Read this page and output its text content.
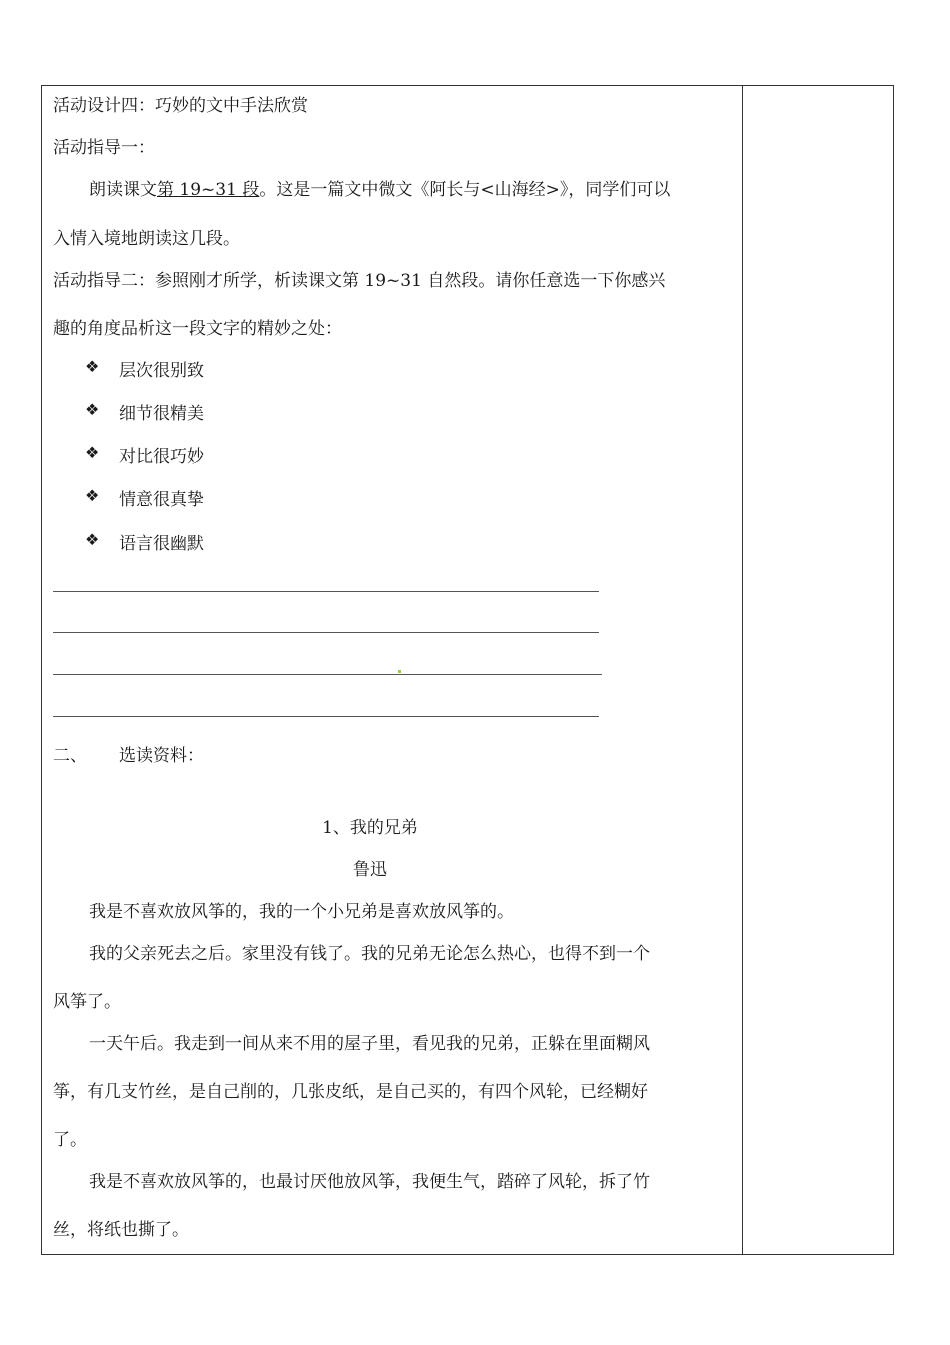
活动设计四：巧妙的文中手法欣赏
活动指导一：
朗读课文第 19~31 段。这是一篇文中微文《阿长与<山海经>》，同学们可以
入情入境地朗读这几段。
活动指导二：参照刚才所学，析读课文第 19~31 自然段。请你任意选一下你感兴
趣的角度品析这一段文字的精妙之处：
❖ 层次很别致
❖ 细节很精美
❖ 对比很巧妙
❖ 情意很真挚
❖ 语言很幽默
二、 选读资料：
1、我的兄弟
鲁迅
我是不喜欢放风筝的，我的一个小兄弟是喜欢放风筝的。
我的父亲死去之后。家里没有钱了。我的兄弟无论怎么热心，也得不到一个
风筝了。
一天午后。我走到一间从来不用的屋子里，看见我的兄弟，正躲在里面糊风
筝，有几支竹丝，是自己削的，几张皮纸，是自己买的，有四个风轮，已经糊好
了。
我是不喜欢放风筝的，也最讨厌他放风筝，我便生气，踏碎了风轮，拆了竹
丝，将纸也撕了。
